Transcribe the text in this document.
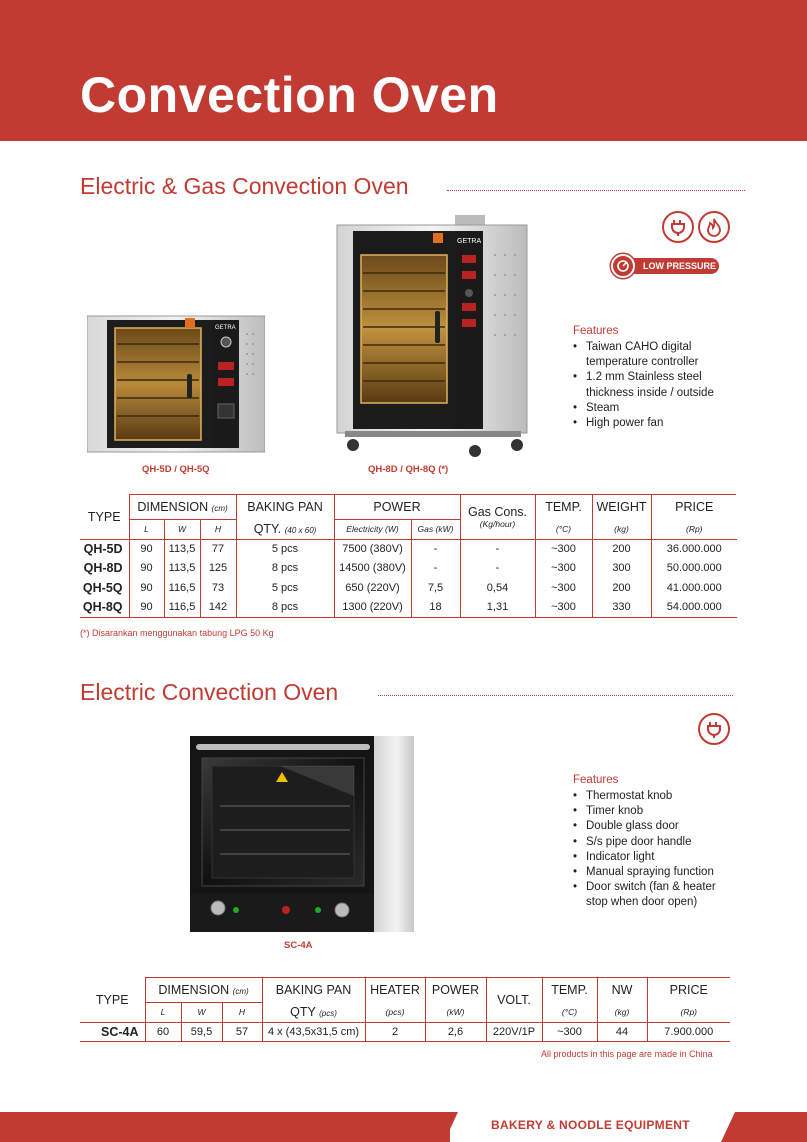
Convection Oven
Electric & Gas Convection Oven
LOW PRESSURE
GETRA
QH-5D / QH-5Q
GETRA
QH-8D / QH-8Q (*)
Features
• Taiwan CAHO digital temperature controller
• 1.2 mm Stainless steel thickness inside / outside
• Steam
• High power fan
TYPE	DIMENSION (cm)			BAKING PAN	POWER		Gas Cons.	TEMP.	WEIGHT	PRICE
	L	W	H	QTY. (40 x 60)	Electricity (W)	Gas (kW)	(Kg/hour)	(°C)	(kg)	(Rp)
QH-5D	90	113,5	77	5 pcs	7500 (380V)	-	-	~300	200	36.000.000
QH-8D	90	113,5	125	8 pcs	14500 (380V)	-	-	~300	300	50.000.000
QH-5Q	90	116,5	73	5 pcs	650 (220V)	7,5	0,54	~300	200	41.000.000
QH-8Q	90	116,5	142	8 pcs	1300 (220V)	18	1,31	~300	330	54.000.000
(*) Disarankan menggunakan tabung LPG 50 Kg
Electric Convection Oven
SC-4A
Features
• Thermostat knob
• Timer knob
• Double glass door
• S/s pipe door handle
• Indicator light
• Manual spraying function
• Door switch (fan & heater stop when door open)
TYPE	DIMENSION (cm)			BAKING PAN	HEATER	POWER	VOLT.	TEMP.	NW	PRICE
	L	W	H	QTY (pcs)	(pcs)	(kW)		(°C)	(kg)	(Rp)
SC-4A	60	59,5	57	4 x (43,5x31,5 cm)	2	2,6	220V/1P	~300	44	7.900.000
All products in this page are made in China
BAKERY & NOODLE EQUIPMENT
